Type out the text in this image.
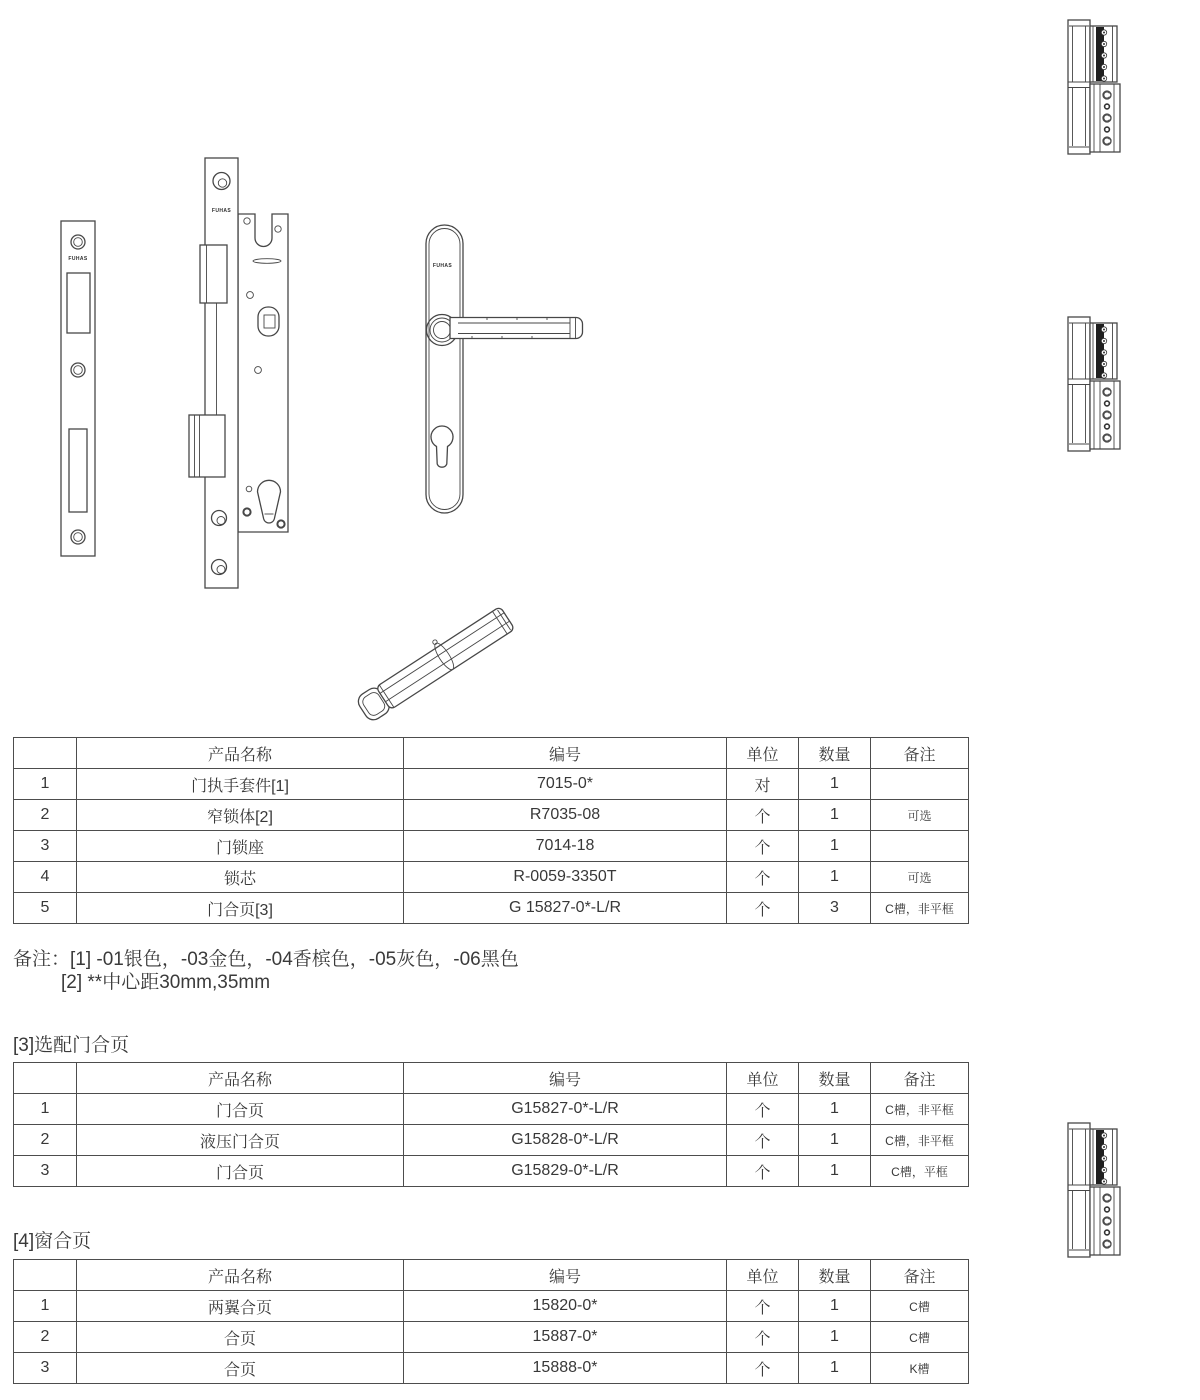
FUHAS
FUHAS
FUHAS
	产品名称	编号	单位	数量	备注
1	门执手套件[1]	7015-0*	对	1	
2	窄锁体[2]	R7035-08	个	1	可选
3	门锁座	7014-18	个	1	
4	锁芯	R-0059-3350T	个	1	可选
5	门合页[3]	G 15827-0*-L/R	个	3	C槽，非平框
备注：[1] -01银色，-03金色，-04香槟色，-05灰色，-06黑色
[2] **中心距30mm,35mm
[3]选配门合页
	产品名称	编号	单位	数量	备注
1	门合页	G15827-0*-L/R	个	1	C槽，非平框
2	液压门合页	G15828-0*-L/R	个	1	C槽，非平框
3	门合页	G15829-0*-L/R	个	1	C槽，平框
[4]窗合页
	产品名称	编号	单位	数量	备注
1	两翼合页	15820-0*	个	1	C槽
2	合页	15887-0*	个	1	C槽
3	合页	15888-0*	个	1	K槽
